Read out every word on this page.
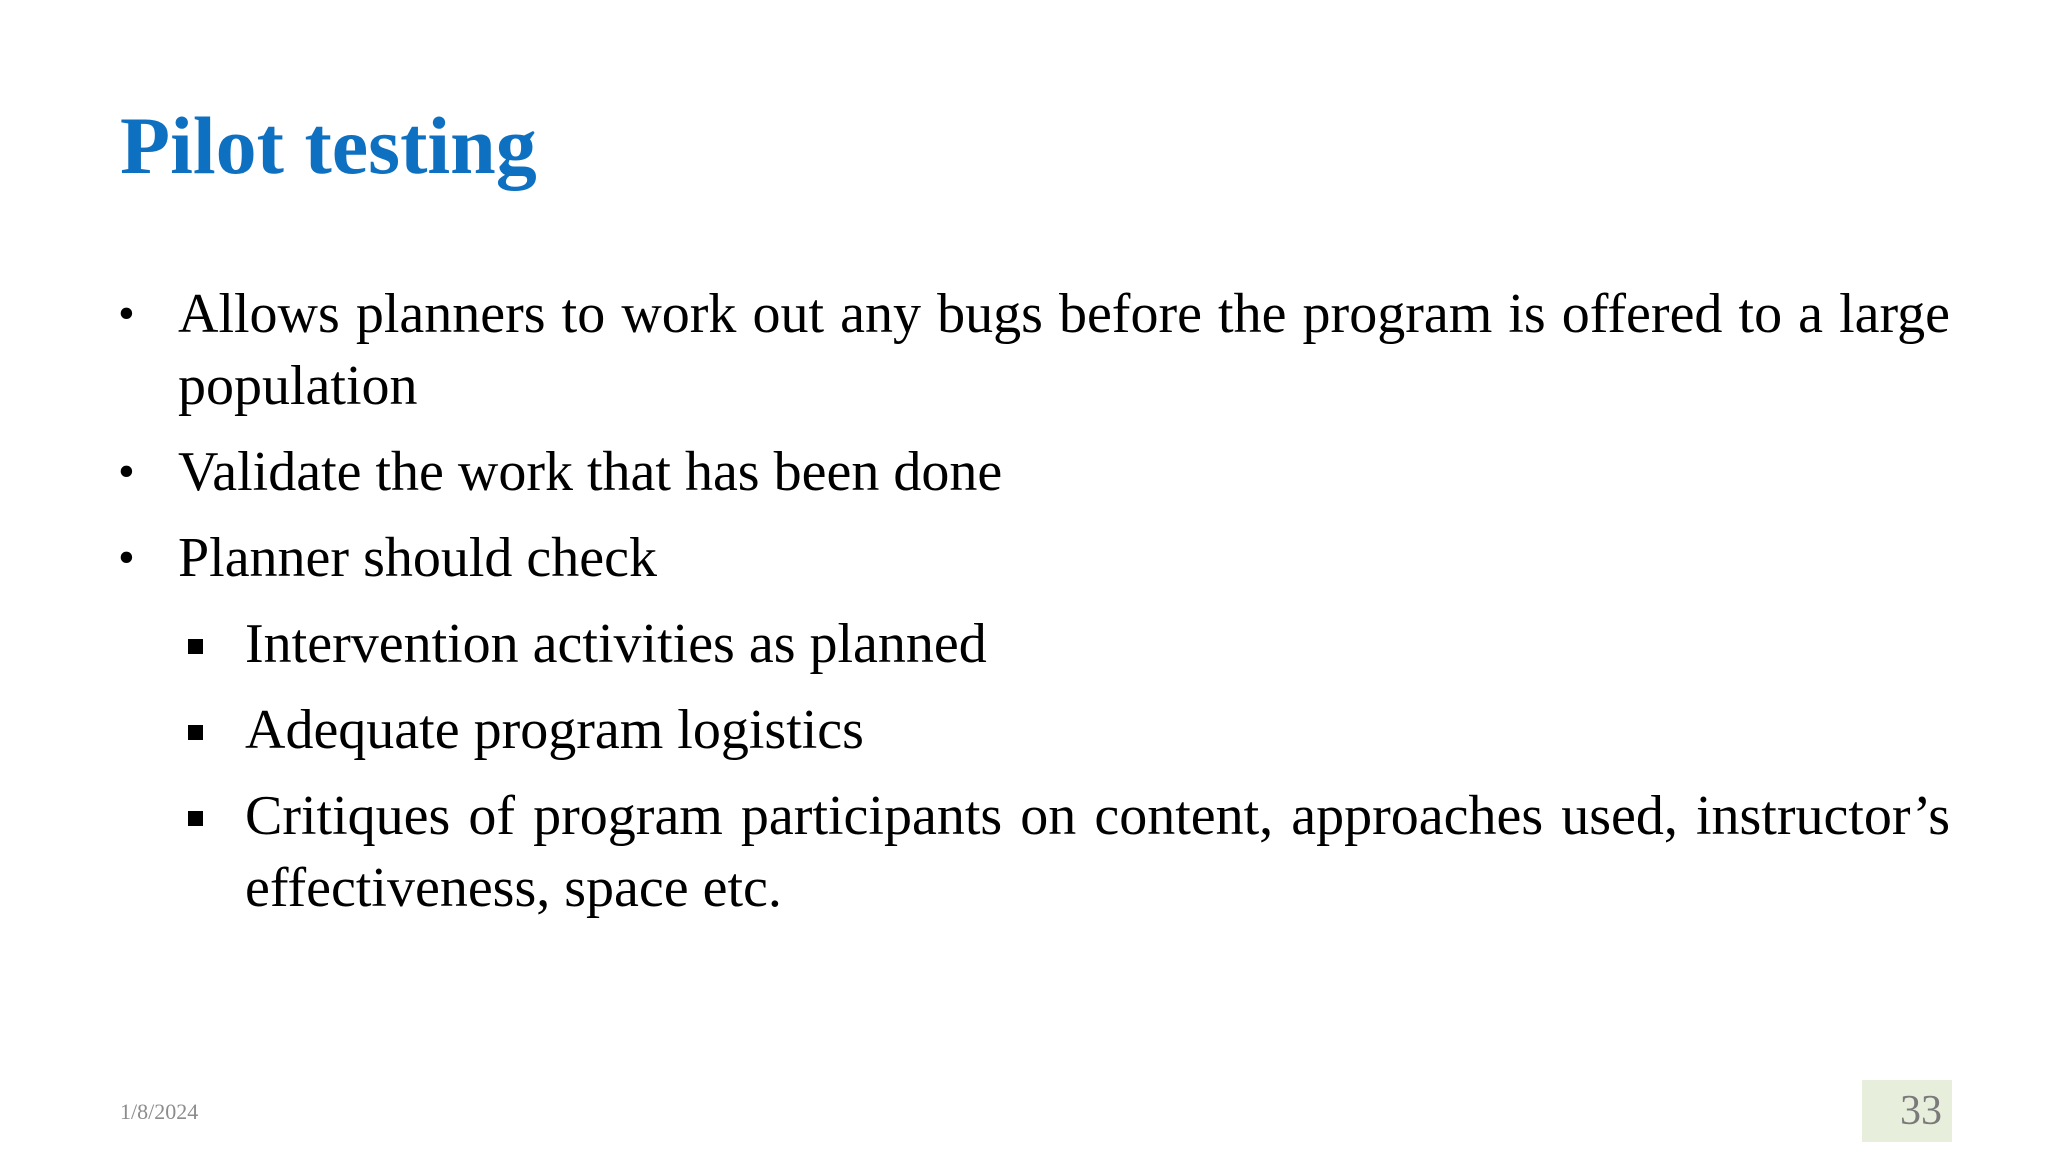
Pilot testing
• Allows planners to work out any bugs before the program is offered to a large population
• Validate the work that has been done
• Planner should check
Intervention activities as planned
Adequate program logistics
Critiques of program participants on content, approaches used, instructor’s effectiveness, space etc.
1/8/2024	33
